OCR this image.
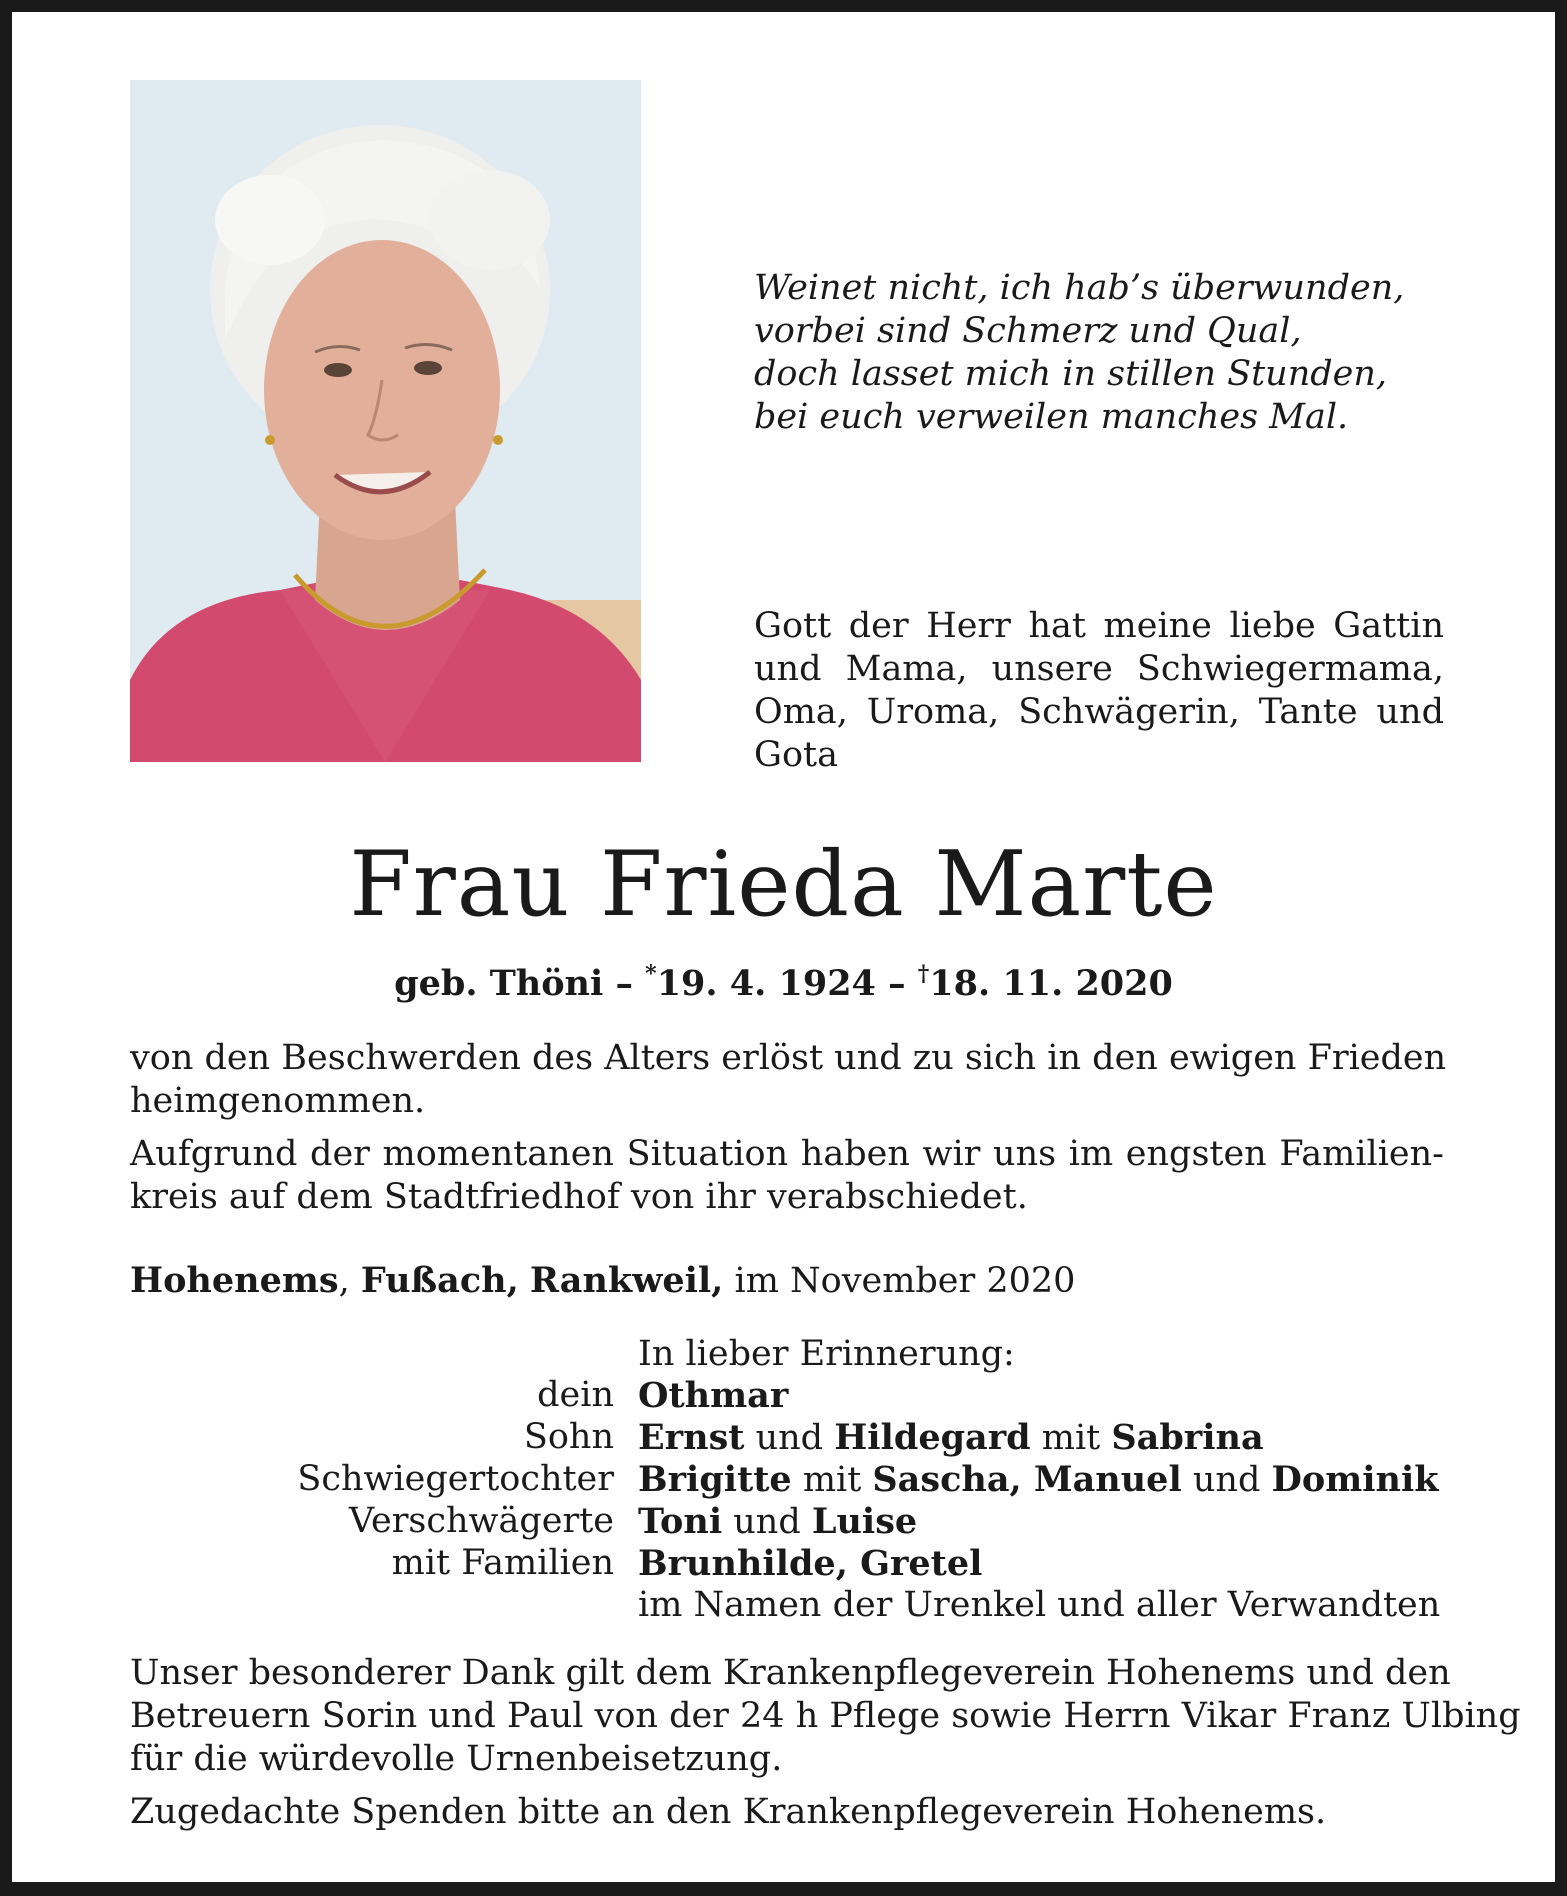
Weinet nicht, ich hab’s überwunden,
vorbei sind Schmerz und Qual,
doch lasset mich in stillen Stunden,
bei euch verweilen manches Mal.
Gott der Herr hat meine liebe Gattin
und Mama, unsere Schwiegermama,
Oma, Uroma, Schwägerin, Tante und
Gota
Frau Frieda Marte
geb. Thöni – *19. 4. 1924 – †18. 11. 2020
von den Beschwerden des Alters erlöst und zu sich in den ewigen Frieden
heimgenommen.
Aufgrund der momentanen Situation haben wir uns im engsten Familien-
kreis auf dem Stadtfriedhof von ihr verabschiedet.
Hohenems, Fußach, Rankweil, im November 2020
In lieber Erinnerung:
dein Othmar
Sohn Ernst und Hildegard mit Sabrina
Schwiegertochter Brigitte mit Sascha, Manuel und Dominik
Verschwägerte Toni und Luise
mit Familien Brunhilde, Gretel
im Namen der Urenkel und aller Verwandten
Unser besonderer Dank gilt dem Krankenpflegeverein Hohenems und den
Betreuern Sorin und Paul von der 24 h Pflege sowie Herrn Vikar Franz Ulbing
für die würdevolle Urnenbeisetzung.
Zugedachte Spenden bitte an den Krankenpflegeverein Hohenems.
